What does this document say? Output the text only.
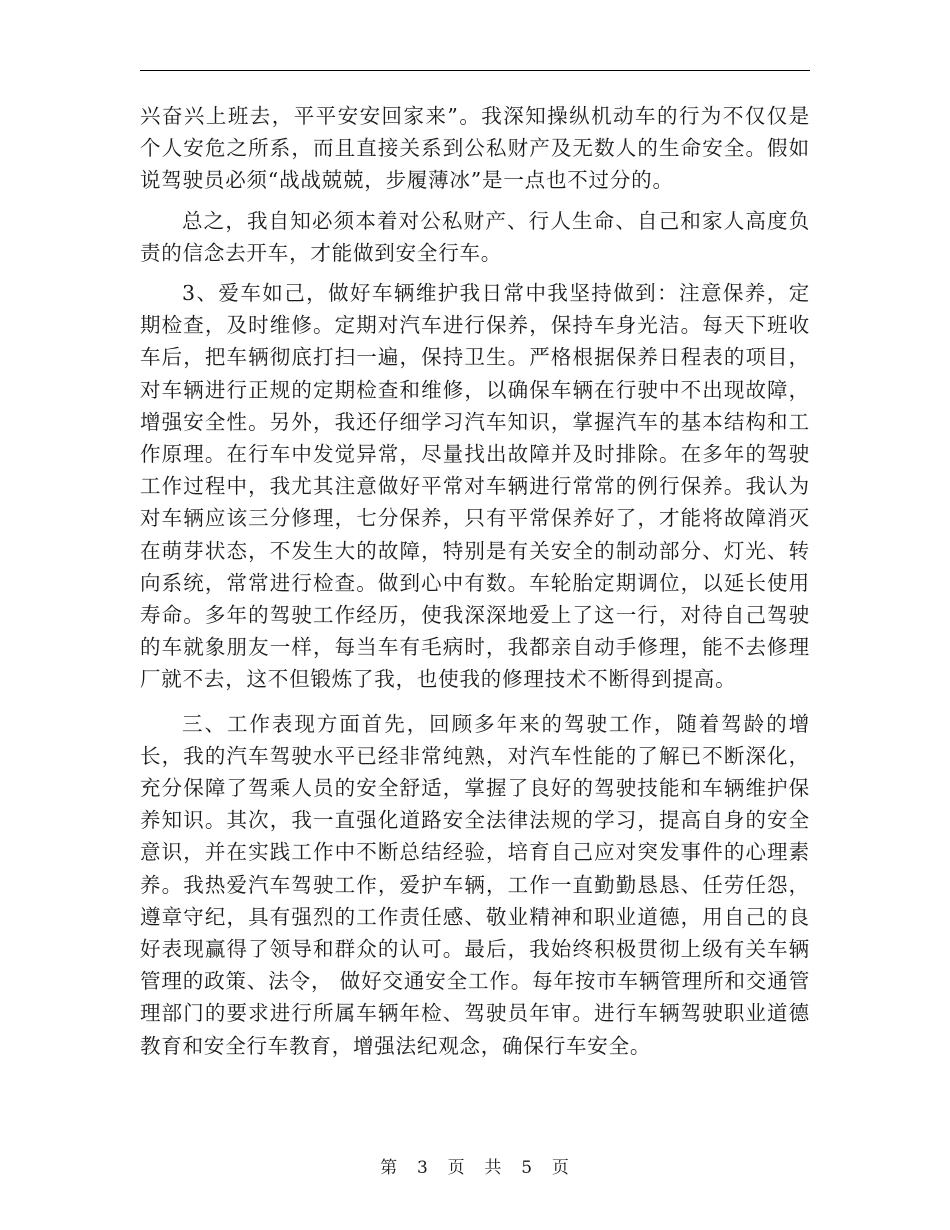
兴奋兴上班去，平平安安回家来”。我深知操纵机动车的行为不仅仅是个人安危之所系，而且直接关系到公私财产及无数人的生命安全。假如说驾驶员必须“战战兢兢，步履薄冰”是一点也不过分的。

总之，我自知必须本着对公私财产、行人生命、自己和家人高度负责的信念去开车，才能做到安全行车。

3、爱车如己，做好车辆维护我日常中我坚持做到：注意保养，定期检查，及时维修。定期对汽车进行保养，保持车身光洁。每天下班收车后，把车辆彻底打扫一遍，保持卫生。严格根据保养日程表的项目，对车辆进行正规的定期检查和维修，以确保车辆在行驶中不出现故障，增强安全性。另外，我还仔细学习汽车知识，掌握汽车的基本结构和工作原理。在行车中发觉异常，尽量找出故障并及时排除。在多年的驾驶工作过程中，我尤其注意做好平常对车辆进行常常的例行保养。我认为对车辆应该三分修理，七分保养，只有平常保养好了，才能将故障消灭在萌芽状态，不发生大的故障，特别是有关安全的制动部分、灯光、转向系统，常常进行检查。做到心中有数。车轮胎定期调位，以延长使用寿命。多年的驾驶工作经历，使我深深地爱上了这一行，对待自己驾驶的车就象朋友一样，每当车有毛病时，我都亲自动手修理，能不去修理厂就不去，这不但锻炼了我，也使我的修理技术不断得到提高。

三、工作表现方面首先，回顾多年来的驾驶工作，随着驾龄的增长，我的汽车驾驶水平已经非常纯熟，对汽车性能的了解已不断深化，充分保障了驾乘人员的安全舒适，掌握了良好的驾驶技能和车辆维护保养知识。其次，我一直强化道路安全法律法规的学习，提高自身的安全意识，并在实践工作中不断总结经验，培育自己应对突发事件的心理素养。我热爱汽车驾驶工作，爱护车辆，工作一直勤勤恳恳、任劳任怨，遵章守纪，具有强烈的工作责任感、敬业精神和职业道德，用自己的良好表现赢得了领导和群众的认可。最后，我始终积极贯彻上级有关车辆管理的政策、法令， 做好交通安全工作。每年按市车辆管理所和交通管理部门的要求进行所属车辆年检、驾驶员年审。进行车辆驾驶职业道德教育和安全行车教育，增强法纪观念，确保行车安全。

第 3 页 共 5 页
